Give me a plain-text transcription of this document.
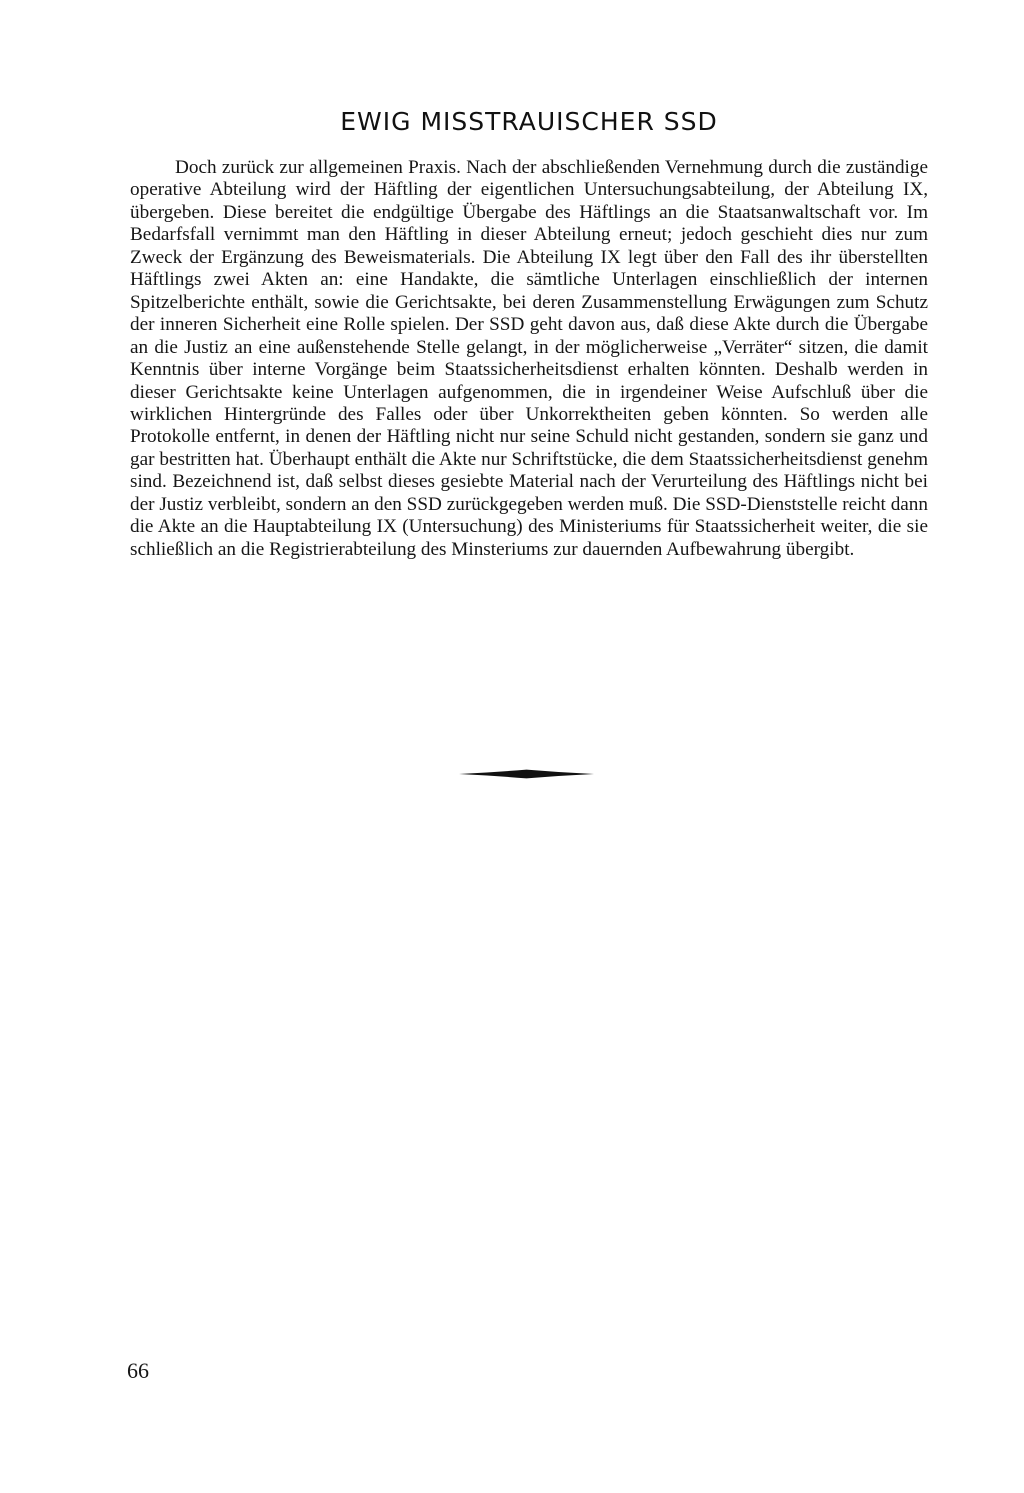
EWIG MISSTRAUISCHER SSD

Doch zurück zur allgemeinen Praxis. Nach der abschließenden Vernehmung durch die zuständige operative Abteilung wird der Häftling der eigentlichen Untersuchungsabteilung, der Abteilung IX, übergeben. Diese bereitet die endgültige Übergabe des Häftlings an die Staatsanwaltschaft vor. Im Bedarfsfall vernimmt man den Häftling in dieser Abteilung erneut; jedoch geschieht dies nur zum Zweck der Ergänzung des Beweismaterials. Die Abteilung IX legt über den Fall des ihr überstellten Häftlings zwei Akten an: eine Handakte, die sämtliche Unterlagen einschließlich der internen Spitzelberichte enthält, sowie die Gerichtsakte, bei deren Zusammenstellung Erwägungen zum Schutz der inneren Sicherheit eine Rolle spielen. Der SSD geht davon aus, daß diese Akte durch die Übergabe an die Justiz an eine außenstehende Stelle gelangt, in der möglicherweise „Verräter“ sitzen, die damit Kenntnis über interne Vorgänge beim Staatssicherheitsdienst erhalten könnten. Deshalb werden in dieser Gerichtsakte keine Unterlagen aufgenommen, die in irgendeiner Weise Aufschluß über die wirklichen Hintergründe des Falles oder über Unkorrektheiten geben könnten. So werden alle Protokolle entfernt, in denen der Häftling nicht nur seine Schuld nicht gestanden, sondern sie ganz und gar bestritten hat. Überhaupt enthält die Akte nur Schriftstücke, die dem Staatssicherheitsdienst genehm sind. Bezeichnend ist, daß selbst dieses gesiebte Material nach der Verurteilung des Häftlings nicht bei der Justiz verbleibt, sondern an den SSD zurückgegeben werden muß. Die SSD-Dienststelle reicht dann die Akte an die Hauptabteilung IX (Untersuchung) des Ministeriums für Staatssicherheit weiter, die sie schließlich an die Registrierabteilung des Minsteriums zur dauernden Aufbewahrung übergibt.

66
